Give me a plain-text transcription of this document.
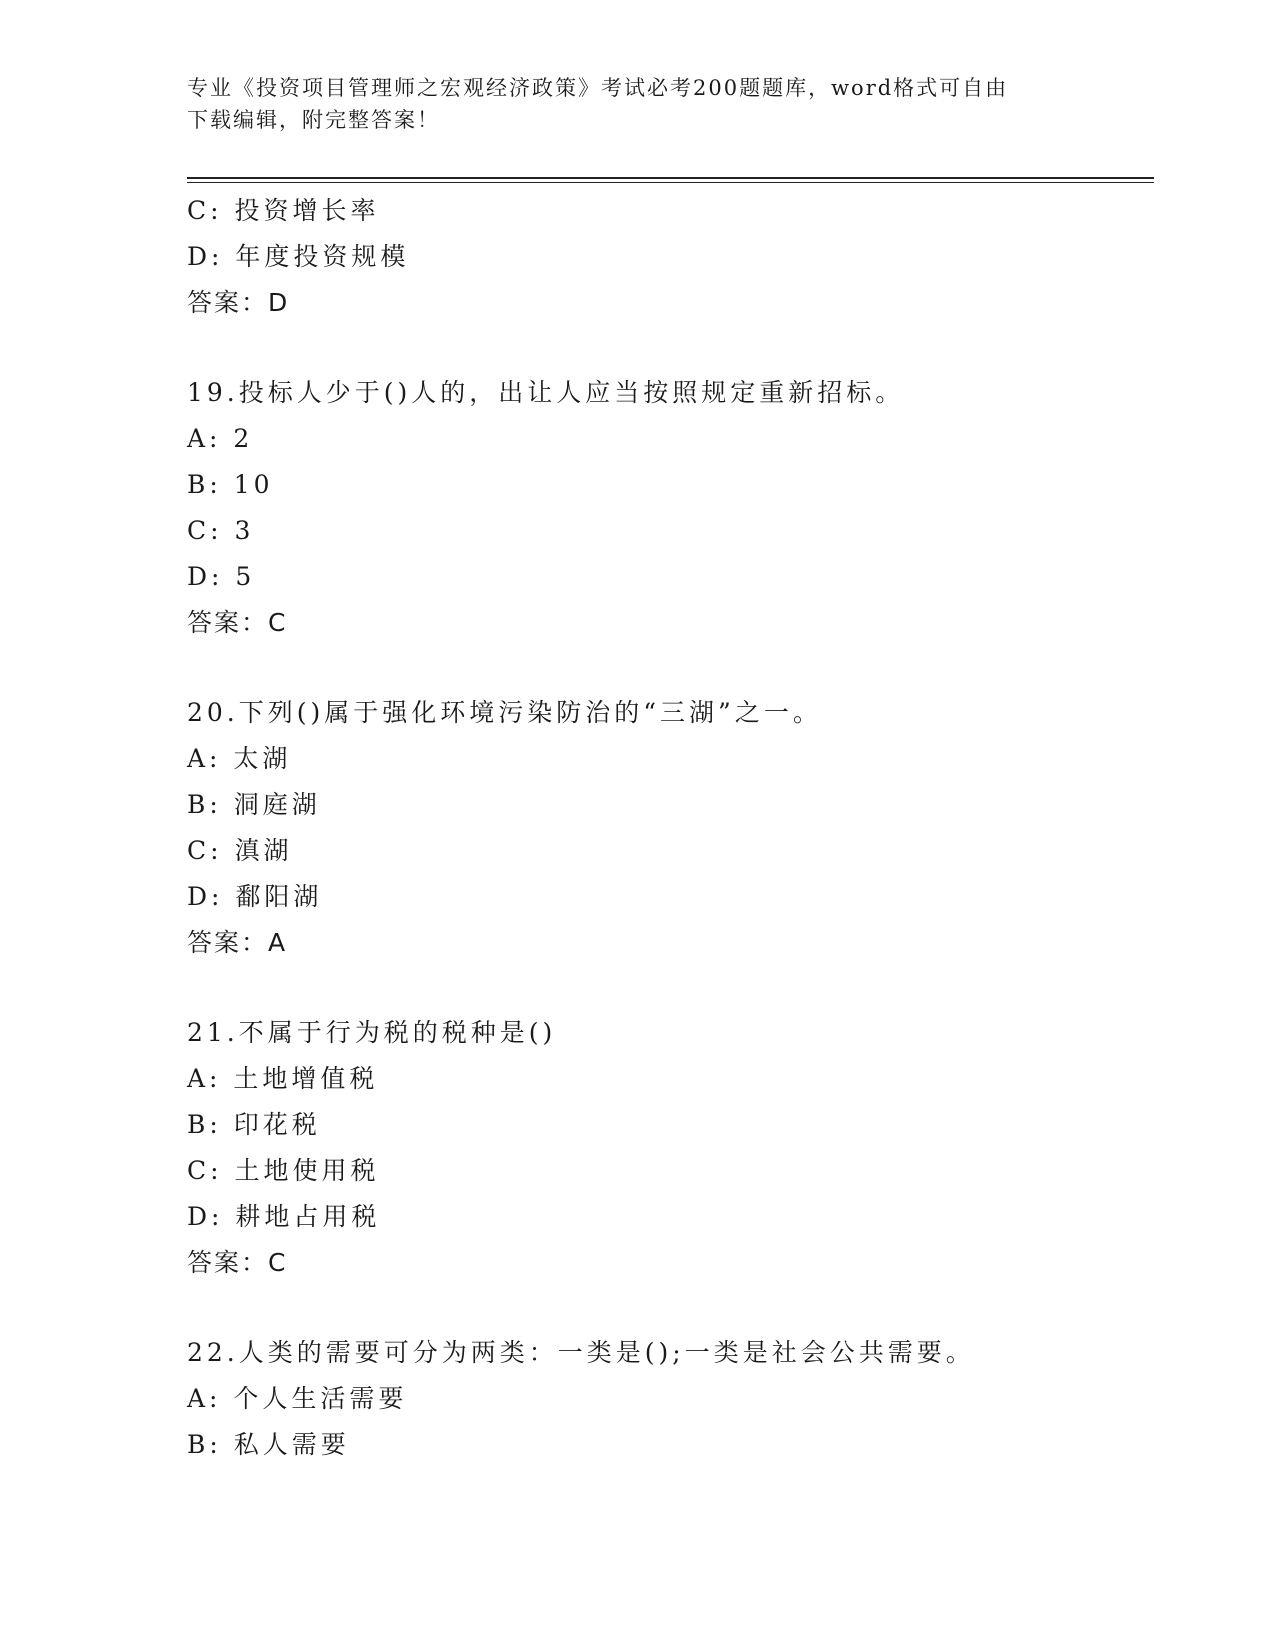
专业《投资项目管理师之宏观经济政策》考试必考200题题库，word格式可自由
下载编辑，附完整答案！
C: 投资增长率
D: 年度投资规模
答案：D
19.投标人少于()人的，出让人应当按照规定重新招标。
A: 2
B: 10
C: 3
D: 5
答案：C
20.下列()属于强化环境污染防治的“三湖”之一。
A: 太湖
B: 洞庭湖
C: 滇湖
D: 鄱阳湖
答案：A
21.不属于行为税的税种是()
A: 土地增值税
B: 印花税
C: 土地使用税
D: 耕地占用税
答案：C
22.人类的需要可分为两类：一类是();一类是社会公共需要。
A: 个人生活需要
B: 私人需要
